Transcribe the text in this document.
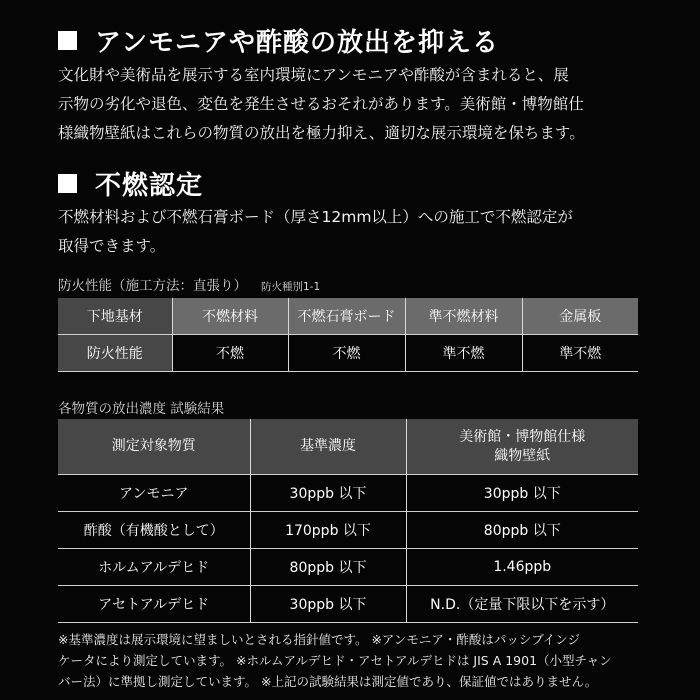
アンモニアや酢酸の放出を抑える
文化財や美術品を展示する室内環境にアンモニアや酢酸が含まれると、展
示物の劣化や退色、変色を発生させるおそれがあります。美術館・博物館仕
様織物壁紙はこれらの物質の放出を極力抑え、適切な展示環境を保ちます。
不燃認定
不燃材料および不燃石膏ボード（厚さ12mm以上）への施工で不燃認定が
取得できます。
防火性能（施工方法：直張り） 防火種別1-1
下地基材	不燃材料	不燃石膏ボード	準不燃材料	金属板
防火性能	不燃	不燃	準不燃	準不燃
各物質の放出濃度 試験結果
測定対象物質	基準濃度	美術館・博物館仕様
織物壁紙

アンモニア	30ppb 以下	30ppb 以下
酢酸（有機酸として）	170ppb 以下	80ppb 以下
ホルムアルデヒド	80ppb 以下	1.46ppb
アセトアルデヒド	30ppb 以下	N.D.（定量下限以下を示す）
※基準濃度は展示環境に望ましいとされる指針値です。 ※アンモニア・酢酸はパッシブインジ
ケータにより測定しています。 ※ホルムアルデヒド・アセトアルデヒドは JIS A 1901（小型チャン
バー法）に準拠し測定しています。 ※上記の試験結果は測定値であり、保証値ではありません。
